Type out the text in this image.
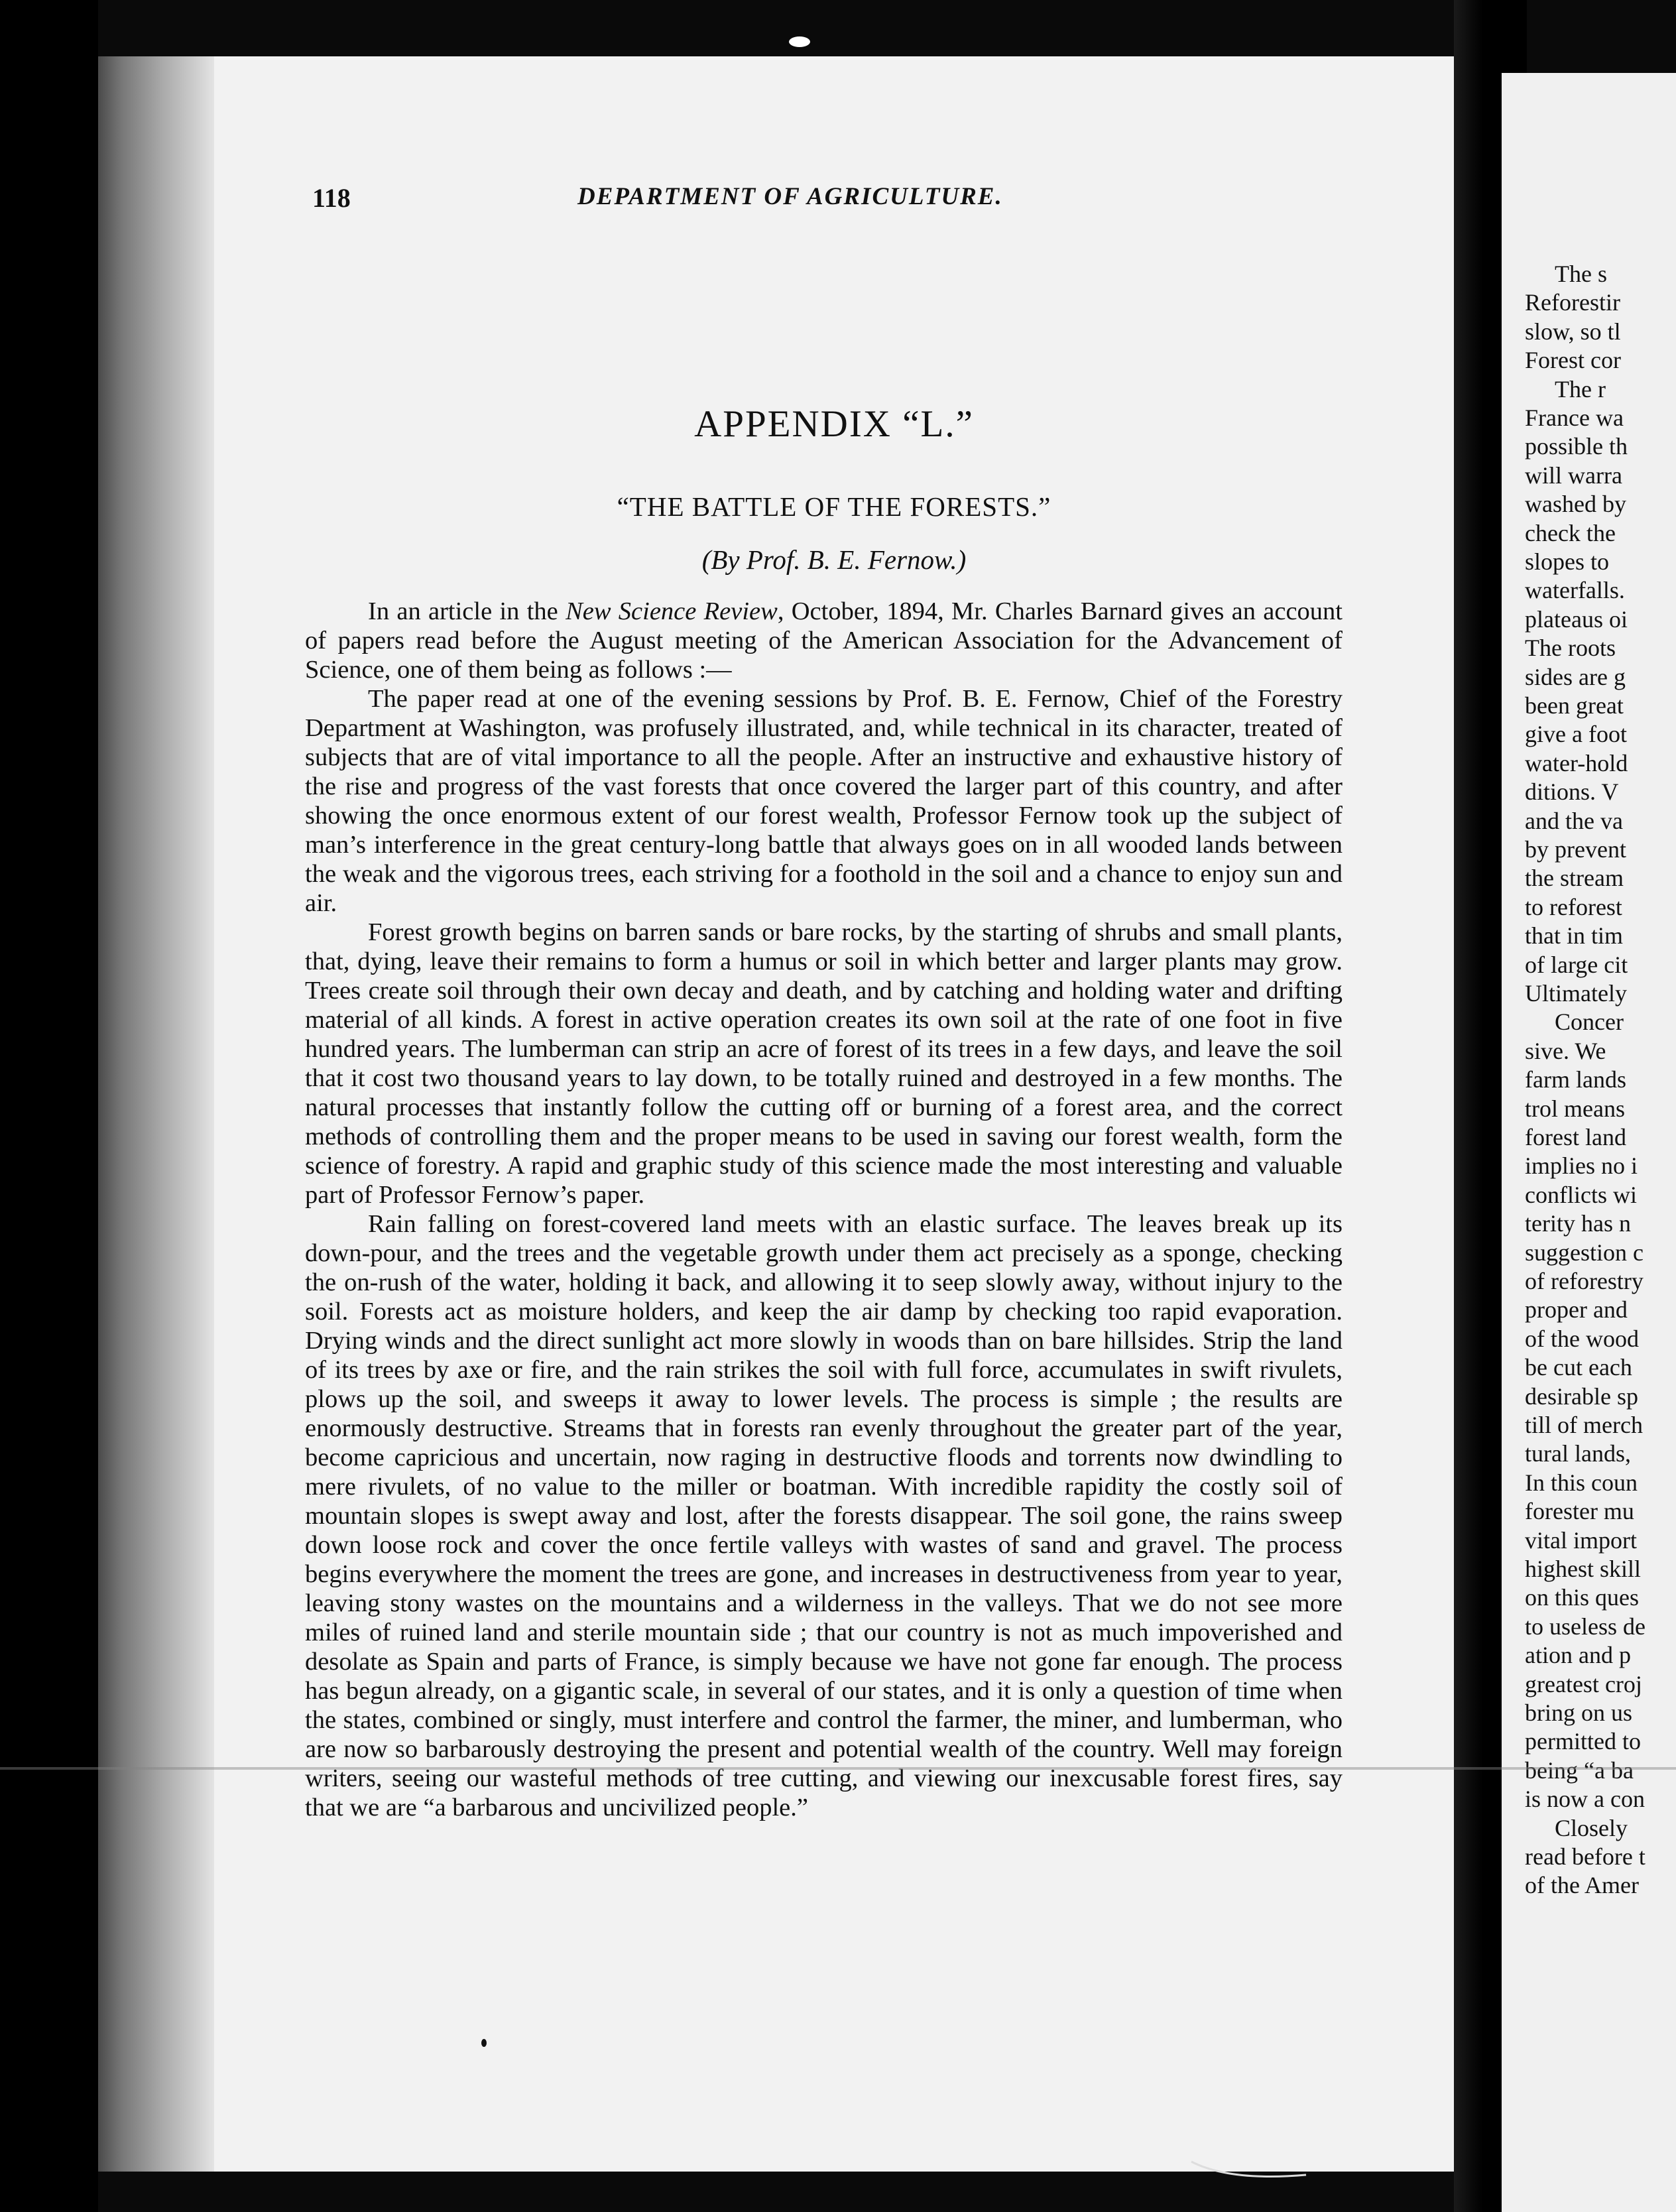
118	DEPARTMENT OF AGRICULTURE.
APPENDIX “L.”
“THE BATTLE OF THE FORESTS.”
(By Prof. B. E. Fernow.)

In an article in the New Science Review, October, 1894, Mr. Charles Barnard gives an account of papers read before the August meeting of the American Association for the Advancement of Science, one of them being as follows :—

The paper read at one of the evening sessions by Prof. B. E. Fernow, Chief of the Forestry Department at Washington, was profusely illustrated, and, while technical in its character, treated of subjects that are of vital importance to all the people. After an instructive and exhaustive history of the rise and progress of the vast forests that once covered the larger part of this country, and after showing the once enormous extent of our forest wealth, Professor Fernow took up the subject of man’s interference in the great century-long battle that always goes on in all wooded lands between the weak and the vigorous trees, each striving for a foothold in the soil and a chance to enjoy sun and air.

Forest growth begins on barren sands or bare rocks, by the starting of shrubs and small plants, that, dying, leave their remains to form a humus or soil in which better and larger plants may grow. Trees create soil through their own decay and death, and by catching and holding water and drifting material of all kinds. A forest in active operation creates its own soil at the rate of one foot in five hundred years. The lumberman can strip an acre of forest of its trees in a few days, and leave the soil that it cost two thousand years to lay down, to be totally ruined and destroyed in a few months. The natural processes that instantly follow the cutting off or burning of a forest area, and the correct methods of controlling them and the proper means to be used in saving our forest wealth, form the science of forestry. A rapid and graphic study of this science made the most interesting and valuable part of Professor Fernow’s paper.

Rain falling on forest-covered land meets with an elastic surface. The leaves break up its down-pour, and the trees and the vegetable growth under them act precisely as a sponge, checking the on-rush of the water, holding it back, and allowing it to seep slowly away, without injury to the soil. Forests act as moisture holders, and keep the air damp by checking too rapid evaporation. Drying winds and the direct sunlight act more slowly in woods than on bare hillsides. Strip the land of its trees by axe or fire, and the rain strikes the soil with full force, accumulates in swift rivulets, plows up the soil, and sweeps it away to lower levels. The process is simple ; the results are enormously destructive. Streams that in forests ran evenly throughout the greater part of the year, become capricious and uncertain, now raging in destructive floods and torrents now dwindling to mere rivulets, of no value to the miller or boatman. With incredible rapidity the costly soil of mountain slopes is swept away and lost, after the forests disappear. The soil gone, the rains sweep down loose rock and cover the once fertile valleys with wastes of sand and gravel. The process begins everywhere the moment the trees are gone, and increases in destructiveness from year to year, leaving stony wastes on the mountains and a wilderness in the valleys. That we do not see more miles of ruined land and sterile mountain side ; that our country is not as much impoverished and desolate as Spain and parts of France, is simply because we have not gone far enough. The process has begun already, on a gigantic scale, in several of our states, and it is only a question of time when the states, combined or singly, must interfere and control the farmer, the miner, and lumberman, who are now so barbarously destroying the present and potential wealth of the country. Well may foreign writers, seeing our wasteful methods of tree cutting, and viewing our inexcusable forest fires, say that we are “a barbarous and uncivilized people.”

The s
Reforestir
slow, so tl
Forest cor
The r
France wa
possible th
will warra
washed by
check the
slopes to
waterfalls.
plateaus oi
The roots
sides are g
been great
give a foot
water-hold
ditions. V
and the va
by prevent
the stream
to reforest
that in tim
of large cit
Ultimately
Concer
sive. We
farm lands
trol means
forest land
implies no i
conflicts wi
terity has n
suggestion c
of reforestry
proper and
of the wood
be cut each
desirable sp
till of merch
tural lands,
In this coun
forester mu
vital import
highest skill
on this ques
to useless de
ation and p
greatest croj
bring on us
permitted to
being “a ba
is now a con
Closely
read before t
of the Amer
